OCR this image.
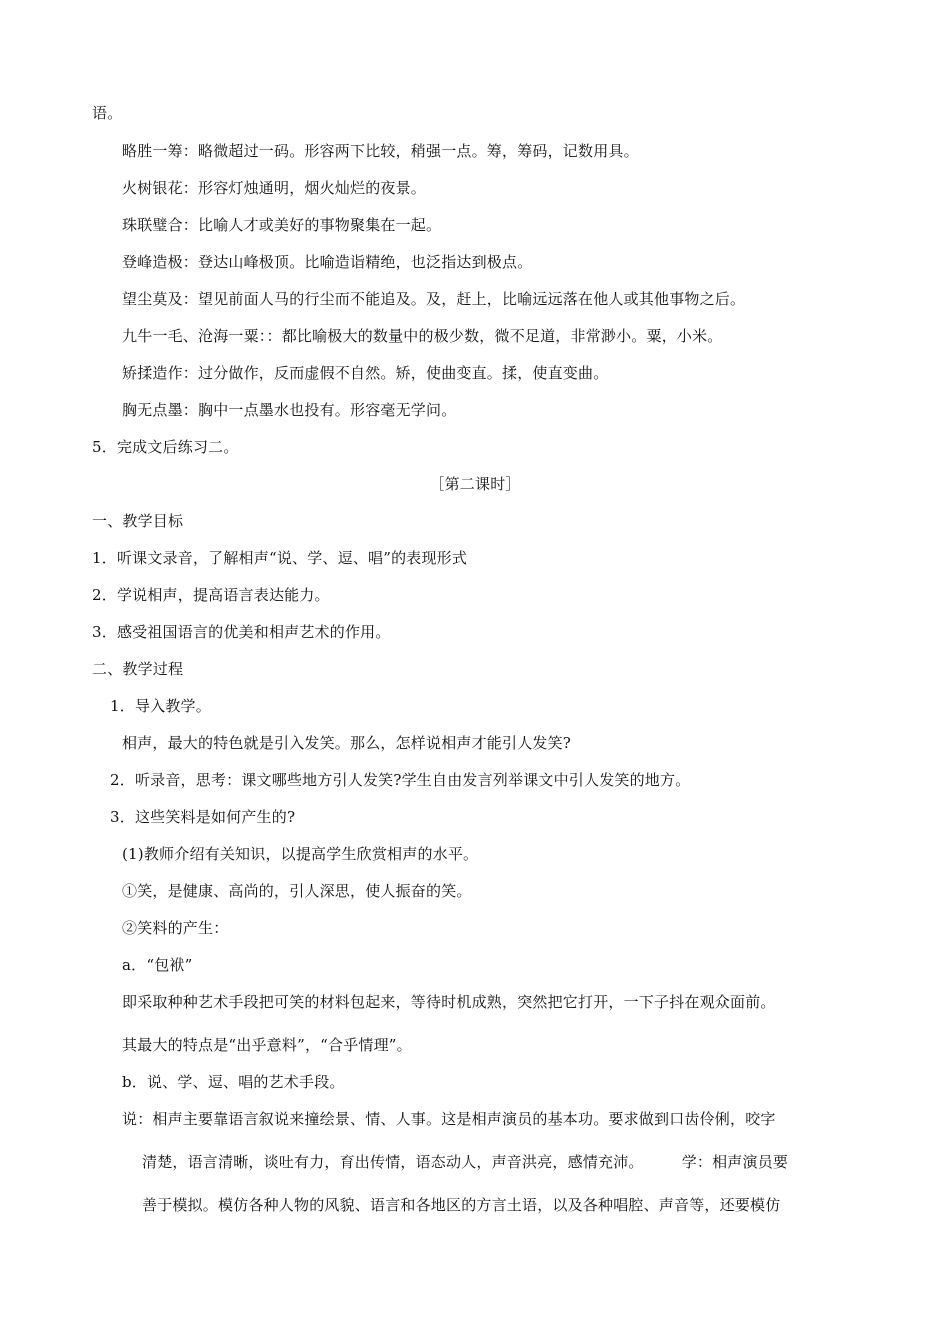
语。
略胜一筹：略微超过一码。形容两下比较，稍强一点。筹，筹码，记数用具。
火树银花：形容灯烛通明，烟火灿烂的夜景。
珠联璧合：比喻人才或美好的事物聚集在一起。
登峰造极：登达山峰极顶。比喻造诣精绝，也泛指达到极点。
望尘莫及：望见前面人马的行尘而不能追及。及，赶上，比喻远远落在他人或其他事物之后。
九牛一毛、沧海一粟：：都比喻极大的数量中的极少数，微不足道，非常渺小。粟，小米。
矫揉造作：过分做作，反而虚假不自然。矫，使曲变直。揉，使直变曲。
胸无点墨：胸中一点墨水也投有。形容毫无学问。
5．完成文后练习二。
［第二课时］
一、教学目标
1．听课文录音，了解相声“说、学、逗、唱”的表现形式
2．学说相声，提高语言表达能力。
3．感受祖国语言的优美和相声艺术的作用。
二、教学过程
1．导入教学。
相声，最大的特色就是引入发笑。那么，怎样说相声才能引人发笑?
2．听录音，思考：课文哪些地方引人发笑?学生自由发言列举课文中引人发笑的地方。
3．这些笑料是如何产生的?
(1)教师介绍有关知识，以提高学生欣赏相声的水平。
①笑，是健康、高尚的，引人深思，使人振奋的笑。
②笑料的产生：
a．“包袱”
即采取种种艺术手段把可笑的材料包起来，等待时机成熟，突然把它打开，一下子抖在观众面前。
其最大的特点是“出乎意料”，“合乎情理”。
b．说、学、逗、唱的艺术手段。
说：相声主要靠语言叙说来撞绘景、情、人事。这是相声演员的基本功。要求做到口齿伶俐，咬字
清楚，语言清晰，谈吐有力，育出传情，语态动人，声音洪亮，感情充沛。　　　学：相声演员要
善于模拟。模仿各种人物的风貌、语言和各地区的方言土语，以及各种唱腔、声音等，还要模仿
